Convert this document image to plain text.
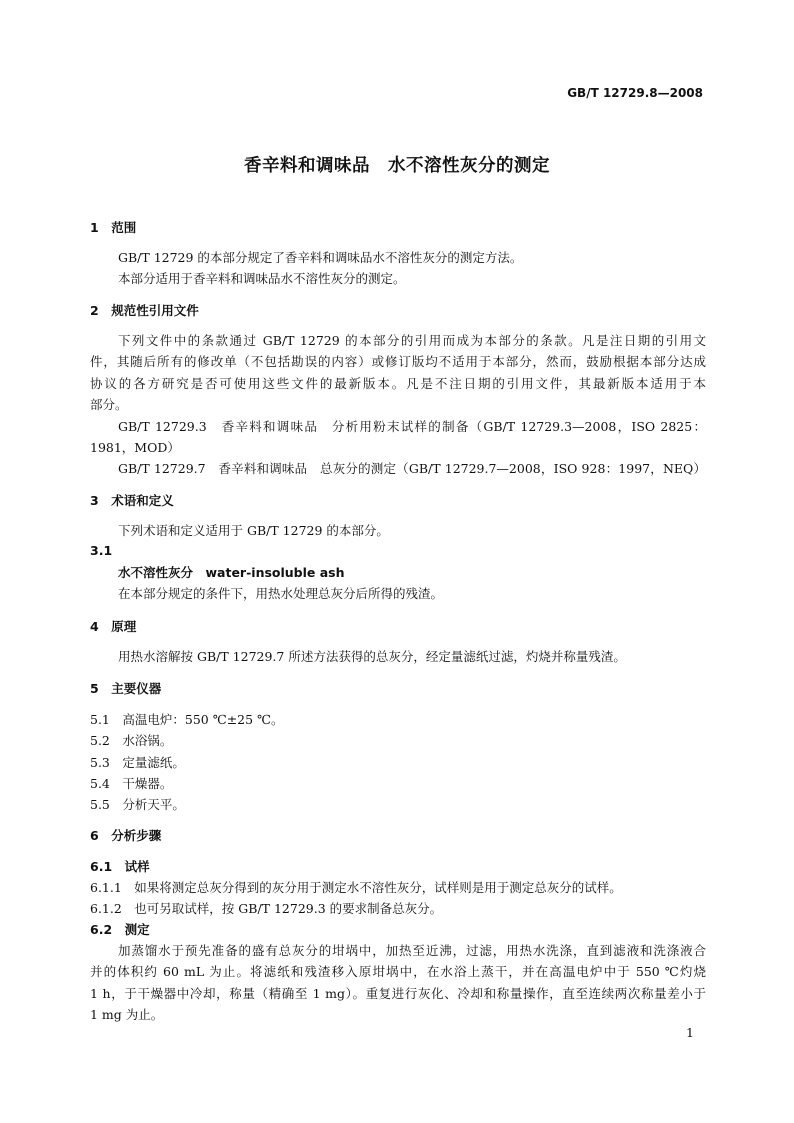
GB/T 12729.8—2008
香辛料和调味品　水不溶性灰分的测定
1　范围
GB/T 12729 的本部分规定了香辛料和调味品水不溶性灰分的测定方法。
本部分适用于香辛料和调味品水不溶性灰分的测定。
2　规范性引用文件
下列文件中的条款通过 GB/T 12729 的本部分的引用而成为本部分的条款。凡是注日期的引用文
件，其随后所有的修改单（不包括勘误的内容）或修订版均不适用于本部分，然而，鼓励根据本部分达成
协议的各方研究是否可使用这些文件的最新版本。凡是不注日期的引用文件，其最新版本适用于本
部分。
GB/T 12729.3　香辛料和调味品　分析用粉末试样的制备（GB/T 12729.3—2008，ISO 2825：
1981，MOD）
GB/T 12729.7　香辛料和调味品　总灰分的测定（GB/T 12729.7—2008，ISO 928：1997，NEQ）
3　术语和定义
下列术语和定义适用于 GB/T 12729 的本部分。
3.1
水不溶性灰分　water-insoluble ash
在本部分规定的条件下，用热水处理总灰分后所得的残渣。
4　原理
用热水溶解按 GB/T 12729.7 所述方法获得的总灰分，经定量滤纸过滤，灼烧并称量残渣。
5　主要仪器
5.1　高温电炉：550 ℃±25 ℃。
5.2　水浴锅。
5.3　定量滤纸。
5.4　干燥器。
5.5　分析天平。
6　分析步骤
6.1　试样
6.1.1　如果将测定总灰分得到的灰分用于测定水不溶性灰分，试样则是用于测定总灰分的试样。
6.1.2　也可另取试样，按 GB/T 12729.3 的要求制备总灰分。
6.2　测定
加蒸馏水于预先准备的盛有总灰分的坩埚中，加热至近沸，过滤，用热水洗涤，直到滤液和洗涤液合
并的体积约 60 mL 为止。将滤纸和残渣移入原坩埚中，在水浴上蒸干，并在高温电炉中于 550 ℃灼烧
1 h，于干燥器中冷却，称量（精确至 1 mg）。重复进行灰化、冷却和称量操作，直至连续两次称量差小于
1 mg 为止。
1
